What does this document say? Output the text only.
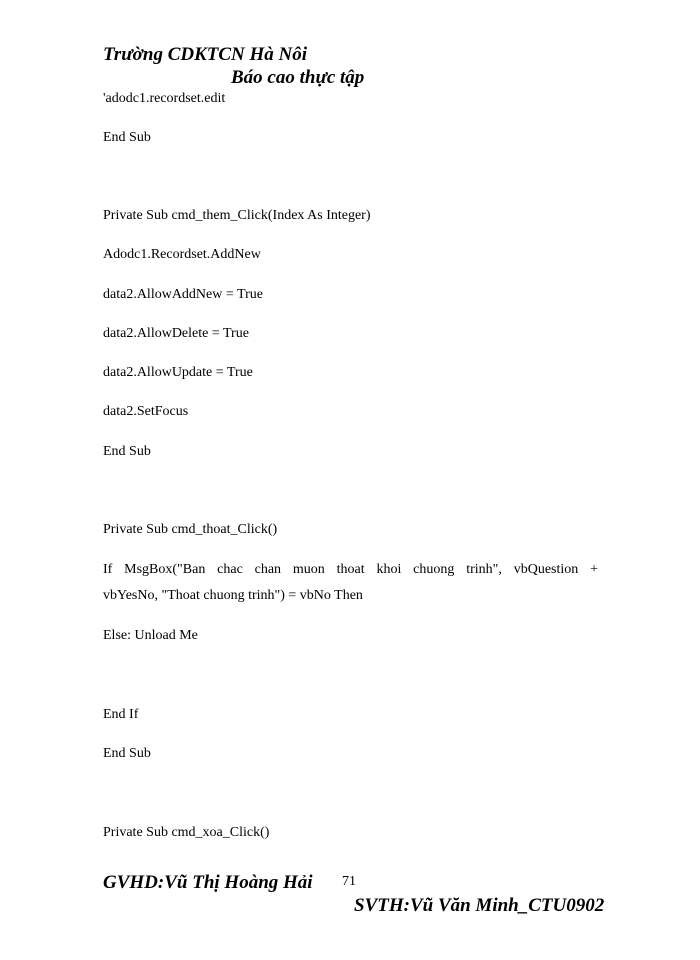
Trường CDKTCN Hà Nôi
Báo cao thực tập
'adodc1.recordset.edit
End Sub
Private Sub cmd_them_Click(Index As Integer)
Adodc1.Recordset.AddNew
data2.AllowAddNew = True
data2.AllowDelete = True
data2.AllowUpdate = True
data2.SetFocus
End Sub
Private Sub cmd_thoat_Click()
If MsgBox("Ban chac chan muon thoat khoi chuong trinh", vbQuestion +
vbYesNo, "Thoat chuong trinh") = vbNo Then
Else: Unload Me
End If
End Sub
Private Sub cmd_xoa_Click()
GVHD:Vũ Thị Hoàng Hải 71
SVTH:Vũ Văn Minh_CTU0902
